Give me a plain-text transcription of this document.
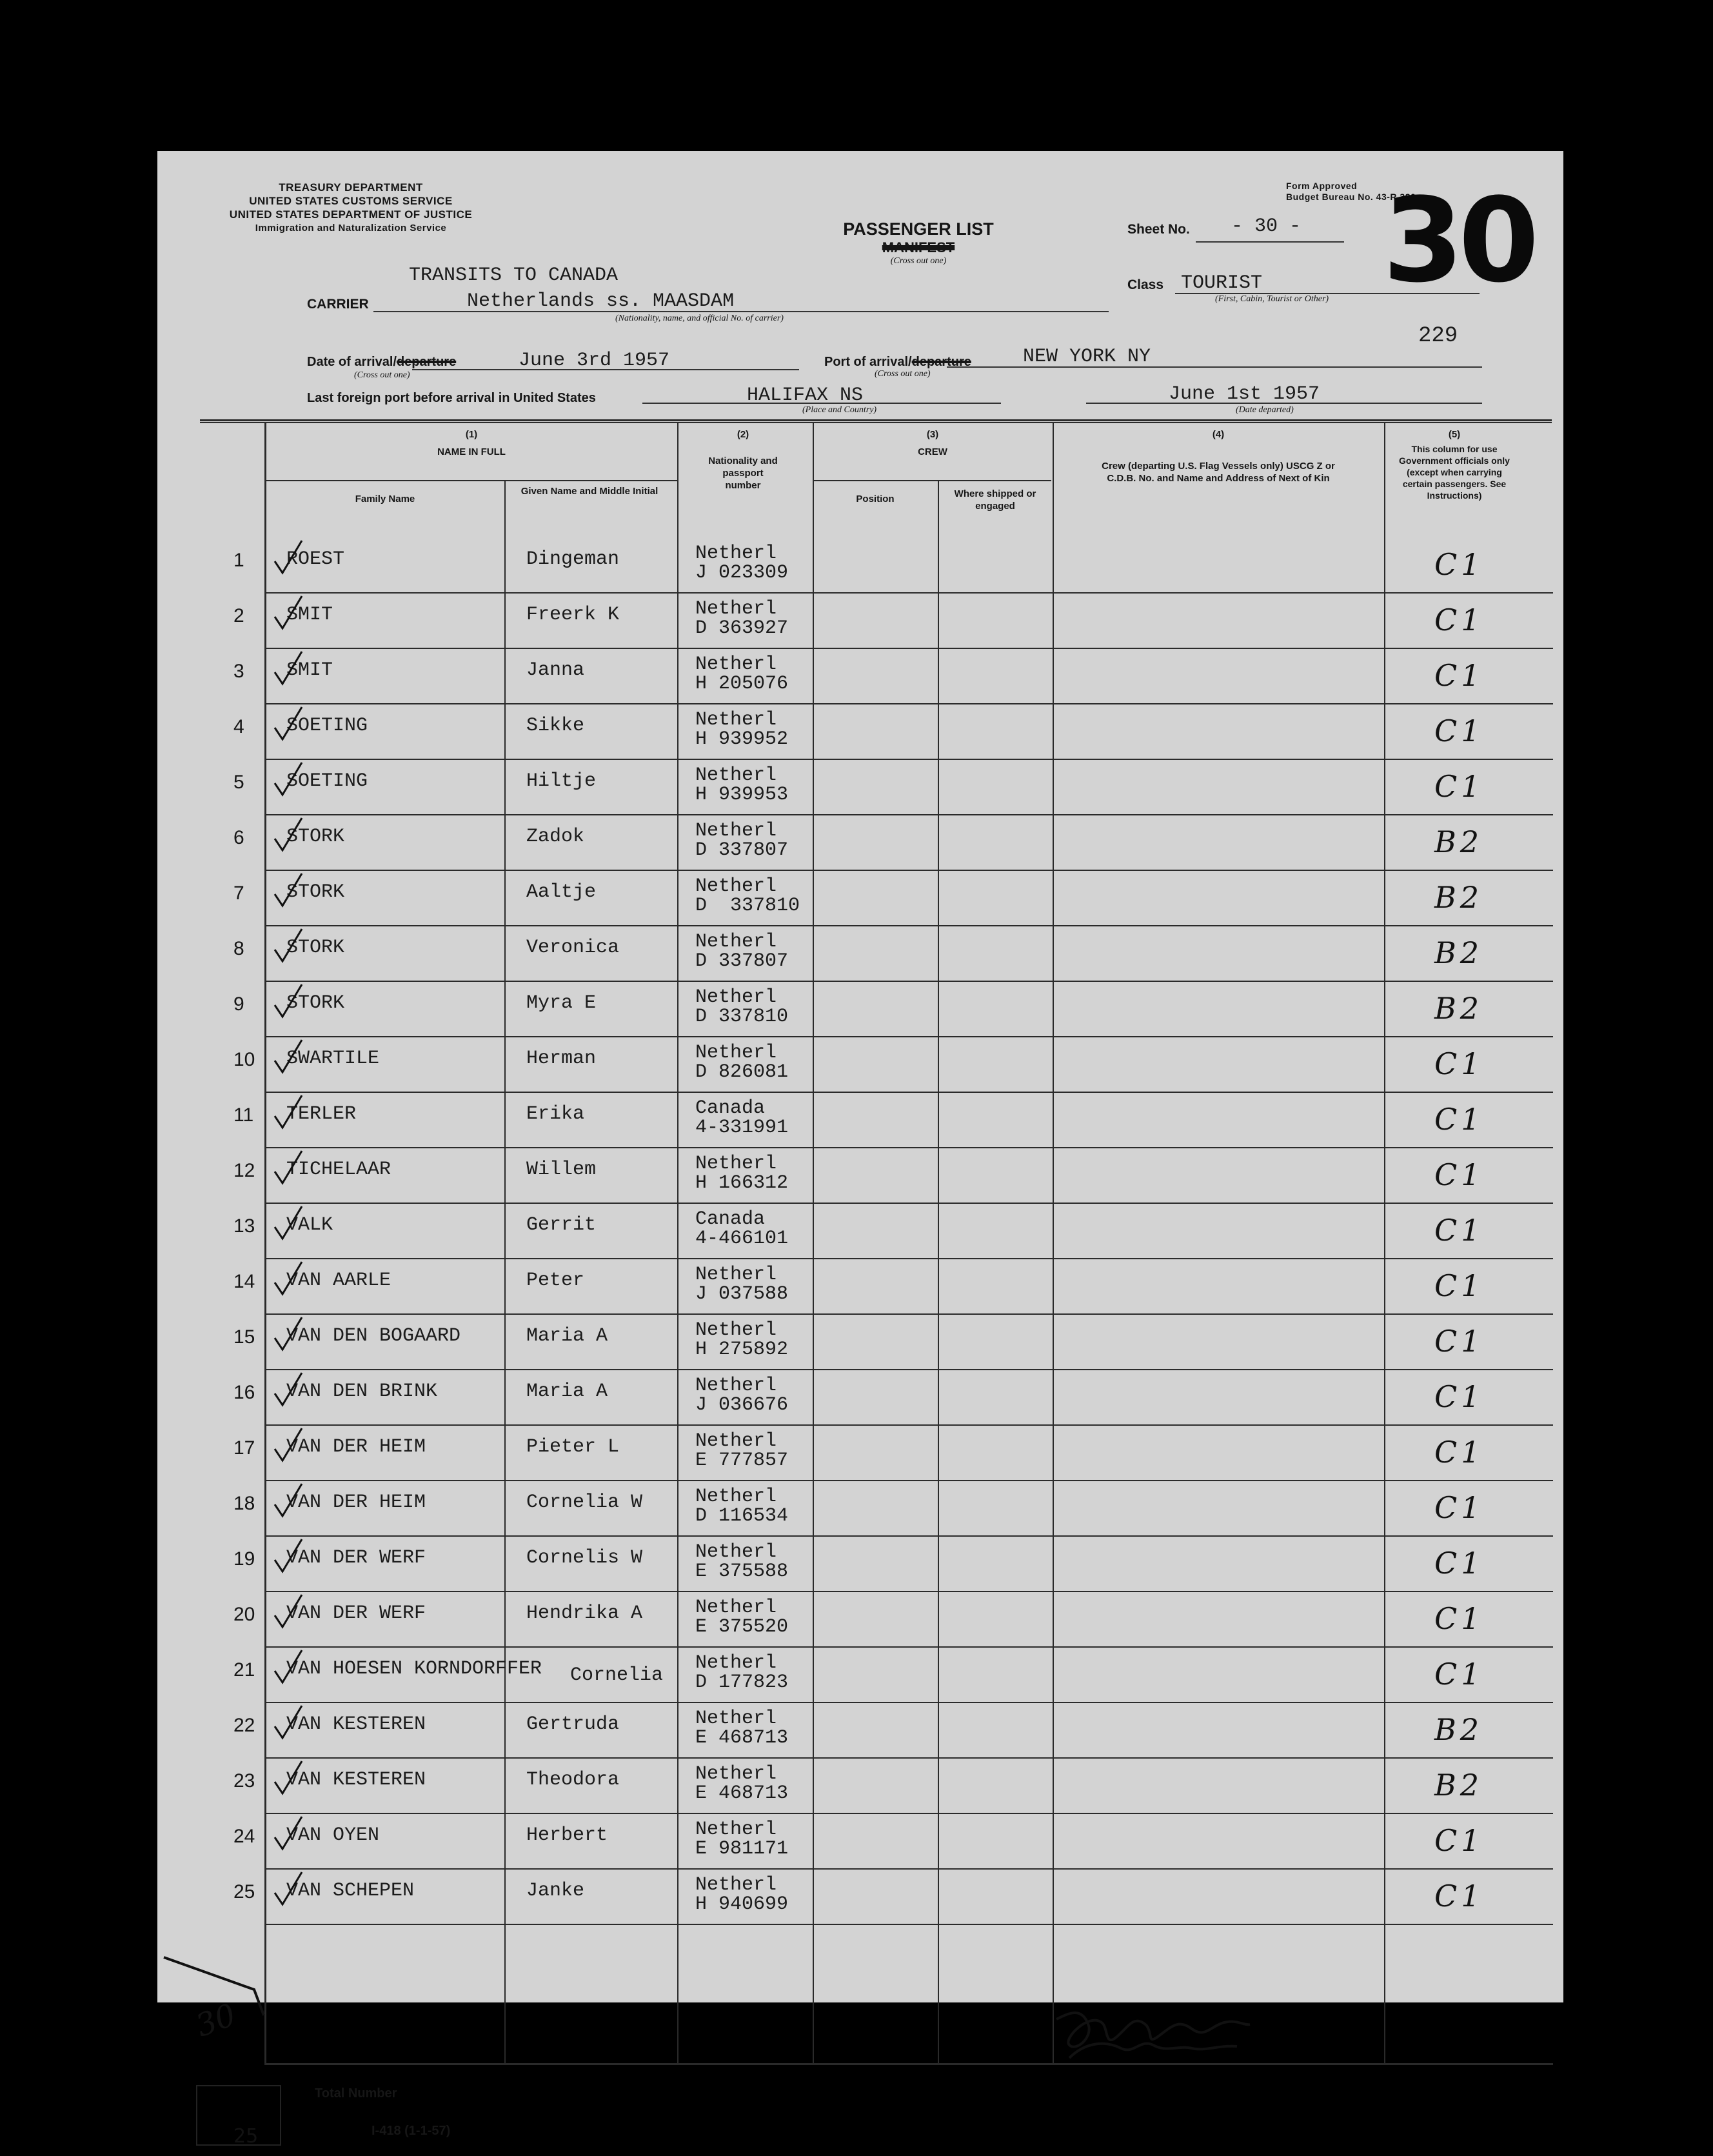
TREASURY DEPARTMENT
UNITED STATES CUSTOMS SERVICE
UNITED STATES DEPARTMENT OF JUSTICE
Immigration and Naturalization Service	PASSENGER LIST
MANIFEST
(Cross out one)
Form Approved
Budget Bureau No. 43-R 380
Sheet No. - 30 - 30
TRANSITS TO CANADA
CARRIER	Netherlands ss. MAASDAM
(Nationality, name, and official No. of carrier)
Class TOURIST
(First, Cabin, Tourist or Other)
229
Date of arrival/departure	June 3rd 1957
(Cross out one)
Port of arrival/departure	NEW YORK NY
(Cross out one)
Last foreign port before arrival in United States	HALIFAX NS
(Place and Country)
June 1st 1957
(Date departed)
(1)
NAME IN FULL
Family Name
Given Name and Middle Initial
(2)
Nationality and passport number
(3)
CREW
Position	Where shipped or engaged
(4)
Crew (departing U.S. Flag Vessels only) USCG Z or C.D.B. No. and Name and Address of Next of Kin
(5)
This column for use Government officials only (except when carrying certain passengers. See Instructions)
1 ROEST	Dingeman	Netherl
J 023309	C1
2 SMIT	Freerk K	Netherl
D 363927	C1
3 SMIT	Janna	Netherl
H 205076	C1
4 SOETING	Sikke	Netherl
H 939952	C1
5 SOETING	Hiltje	Netherl
H 939953	C1
6 STORK	Zadok	Netherl
D 337807	B2
7 STORK	Aaltje	Netherl
D  337810	B2
8 STORK	Veronica	Netherl
D 337807	B2
9 STORK	Myra E	Netherl
D 337810	B2
10 SWARTILE	Herman	Netherl
D 826081	C1
11 TERLER	Erika	Canada
4-331991	C1
12 TICHELAAR	Willem	Netherl
H 166312	C1
13 VALK	Gerrit	Canada
4-466101	C1
14 VAN AARLE	Peter	Netherl
J 037588	C1
15 VAN DEN BOGAARD	Maria A	Netherl
H 275892	C1
16 VAN DEN BRINK	Maria A	Netherl
J 036676	C1
17 VAN DER HEIM	Pieter L	Netherl
E 777857	C1
18 VAN DER HEIM	Cornelia W	Netherl
D 116534	C1
19 VAN DER WERF	Cornelis W	Netherl
E 375588	C1
20 VAN DER WERF	Hendrika A	Netherl
E 375520	C1
21 VAN HOESEN KORNDORFFER Cornelia
Netherl
D 177823	C1
22 VAN KESTEREN	Gertruda	Netherl
E 468713	B2
23 VAN KESTEREN	Theodora	Netherl
E 468713	B2
24 VAN OYEN	Herbert	Netherl
E 981171	C1
25 VAN SCHEPEN	Janke	Netherl
H 940699	C1
25
Total Number
I-418 (1-1-57)
30
